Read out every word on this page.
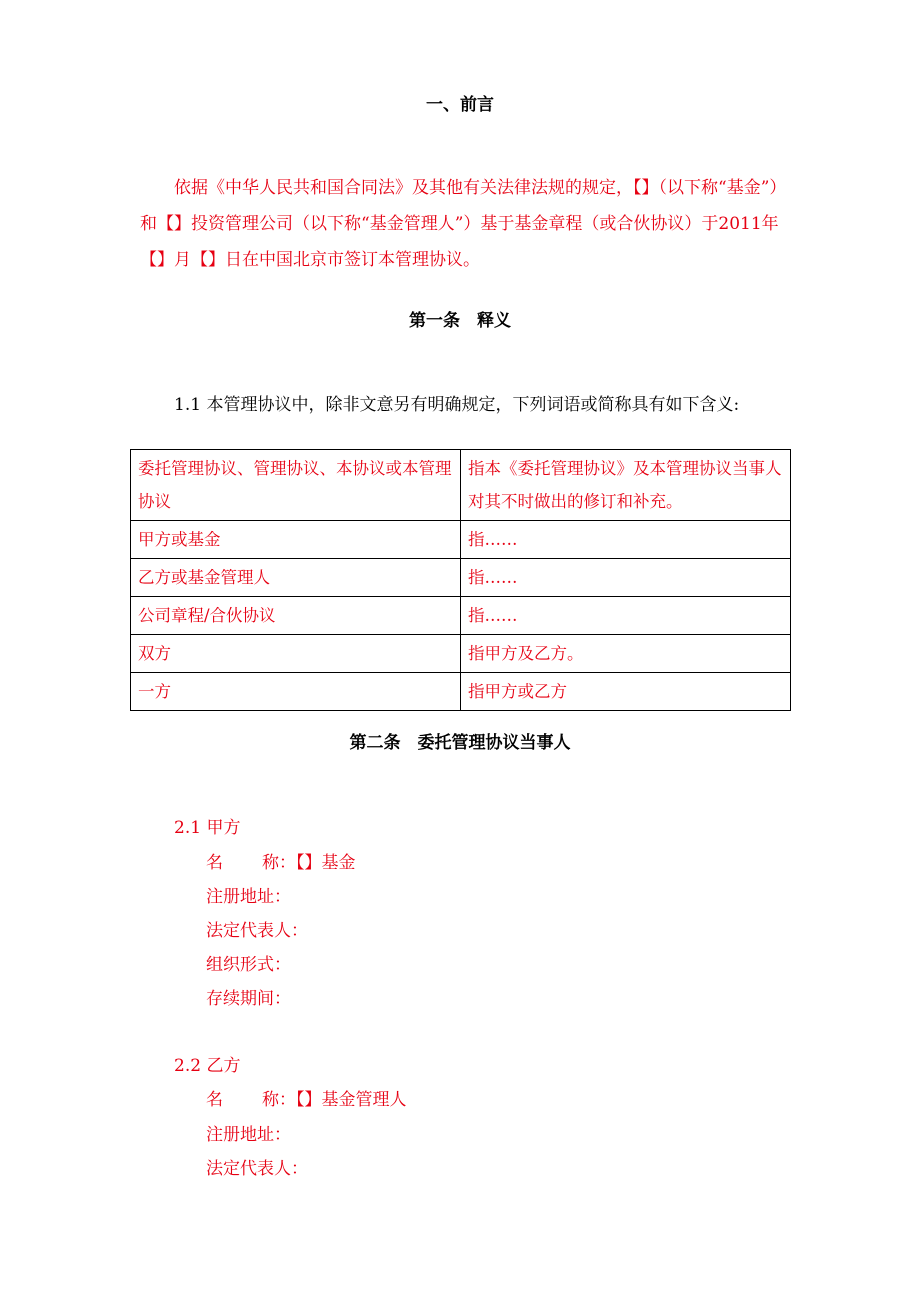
一、前言
依据《中华人民共和国合同法》及其他有关法律法规的规定，【】（以下称“基金”）和【】投资管理公司（以下称“基金管理人”）基于基金章程（或合伙协议）于2011年【】月【】日在中国北京市签订本管理协议。
第一条　释义
1.1 本管理协议中，除非文意另有明确规定，下列词语或简称具有如下含义:
委托管理协议、管理协议、本协议或本管理协议	指本《委托管理协议》及本管理协议当事人对其不时做出的修订和补充。
甲方或基金	指……
乙方或基金管理人	指……
公司章程/合伙协议	指……
双方	指甲方及乙方。
一方	指甲方或乙方
第二条　委托管理协议当事人
2.1 甲方
名 称：【】基金
注册地址：
法定代表人：
组织形式：
存续期间：
2.2 乙方
名 称：【】基金管理人
注册地址：
法定代表人：
